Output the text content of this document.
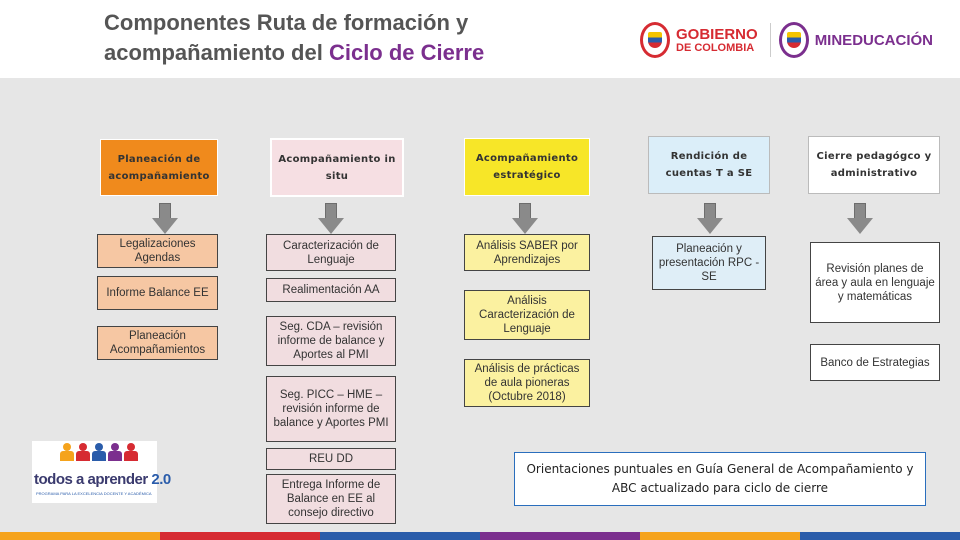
Componentes Ruta de formación y acompañamiento del Ciclo de Cierre
GOBIERNO
DE COLOMBIA	MINEDUCACIÓN
Planeación de acompañamiento
Acompañamiento in situ
Acompañamiento estratégico
Rendición de cuentas T a SE
Cierre pedagógco y administrativo
Legalizaciones Agendas
Informe Balance EE
Planeación Acompañamientos
Caracterización de Lenguaje
Realimentación AA
Seg. CDA – revisión informe de balance y Aportes al PMI
Seg. PICC – HME – revisión informe de balance y Aportes PMI
REU DD
Entrega Informe de Balance en EE al consejo directivo
Análisis SABER por Aprendizajes
Análisis Caracterización de Lenguaje
Análisis de prácticas de aula pioneras (Octubre 2018)
Planeación y presentación RPC - SE
Revisión planes de área y aula en lenguaje y matemáticas
Banco de Estrategias
Orientaciones puntuales en Guía General de Acompañamiento y ABC actualizado para ciclo de cierre
todos a aprender 2.0
PROGRAMA PARA LA EXCELENCIA DOCENTE Y ACADÉMICA
